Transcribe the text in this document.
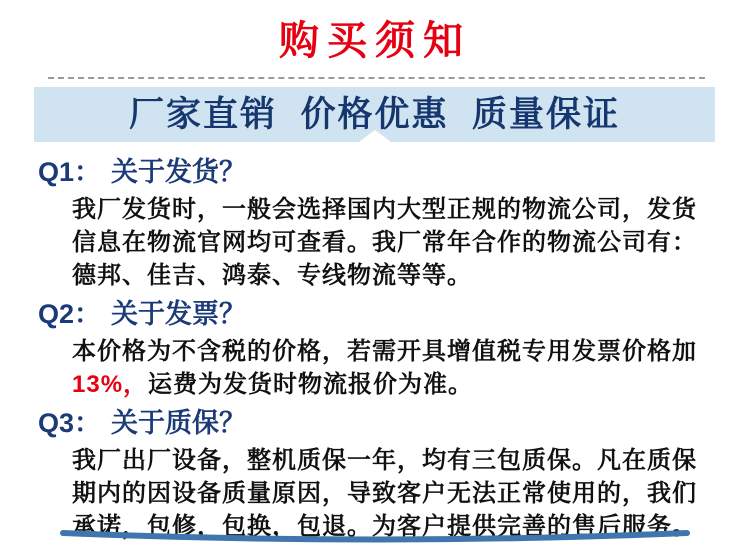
购买须知
厂家直销  价格优惠  质量保证
Q1： 关于发货？

我厂发货时，一般会选择国内大型正规的物流公司，发货信息在物流官网均可查看。我厂常年合作的物流公司有：德邦、佳吉、鸿泰、专线物流等等。

Q2： 关于发票？

本价格为不含税的价格，若需开具增值税专用发票价格加13%，运费为发货时物流报价为准。

Q3： 关于质保？

我厂出厂设备，整机质保一年，均有三包质保。凡在质保期内的因设备质量原因，导致客户无法正常使用的，我们承诺，包修，包换，包退。为客户提供完善的售后服务。
